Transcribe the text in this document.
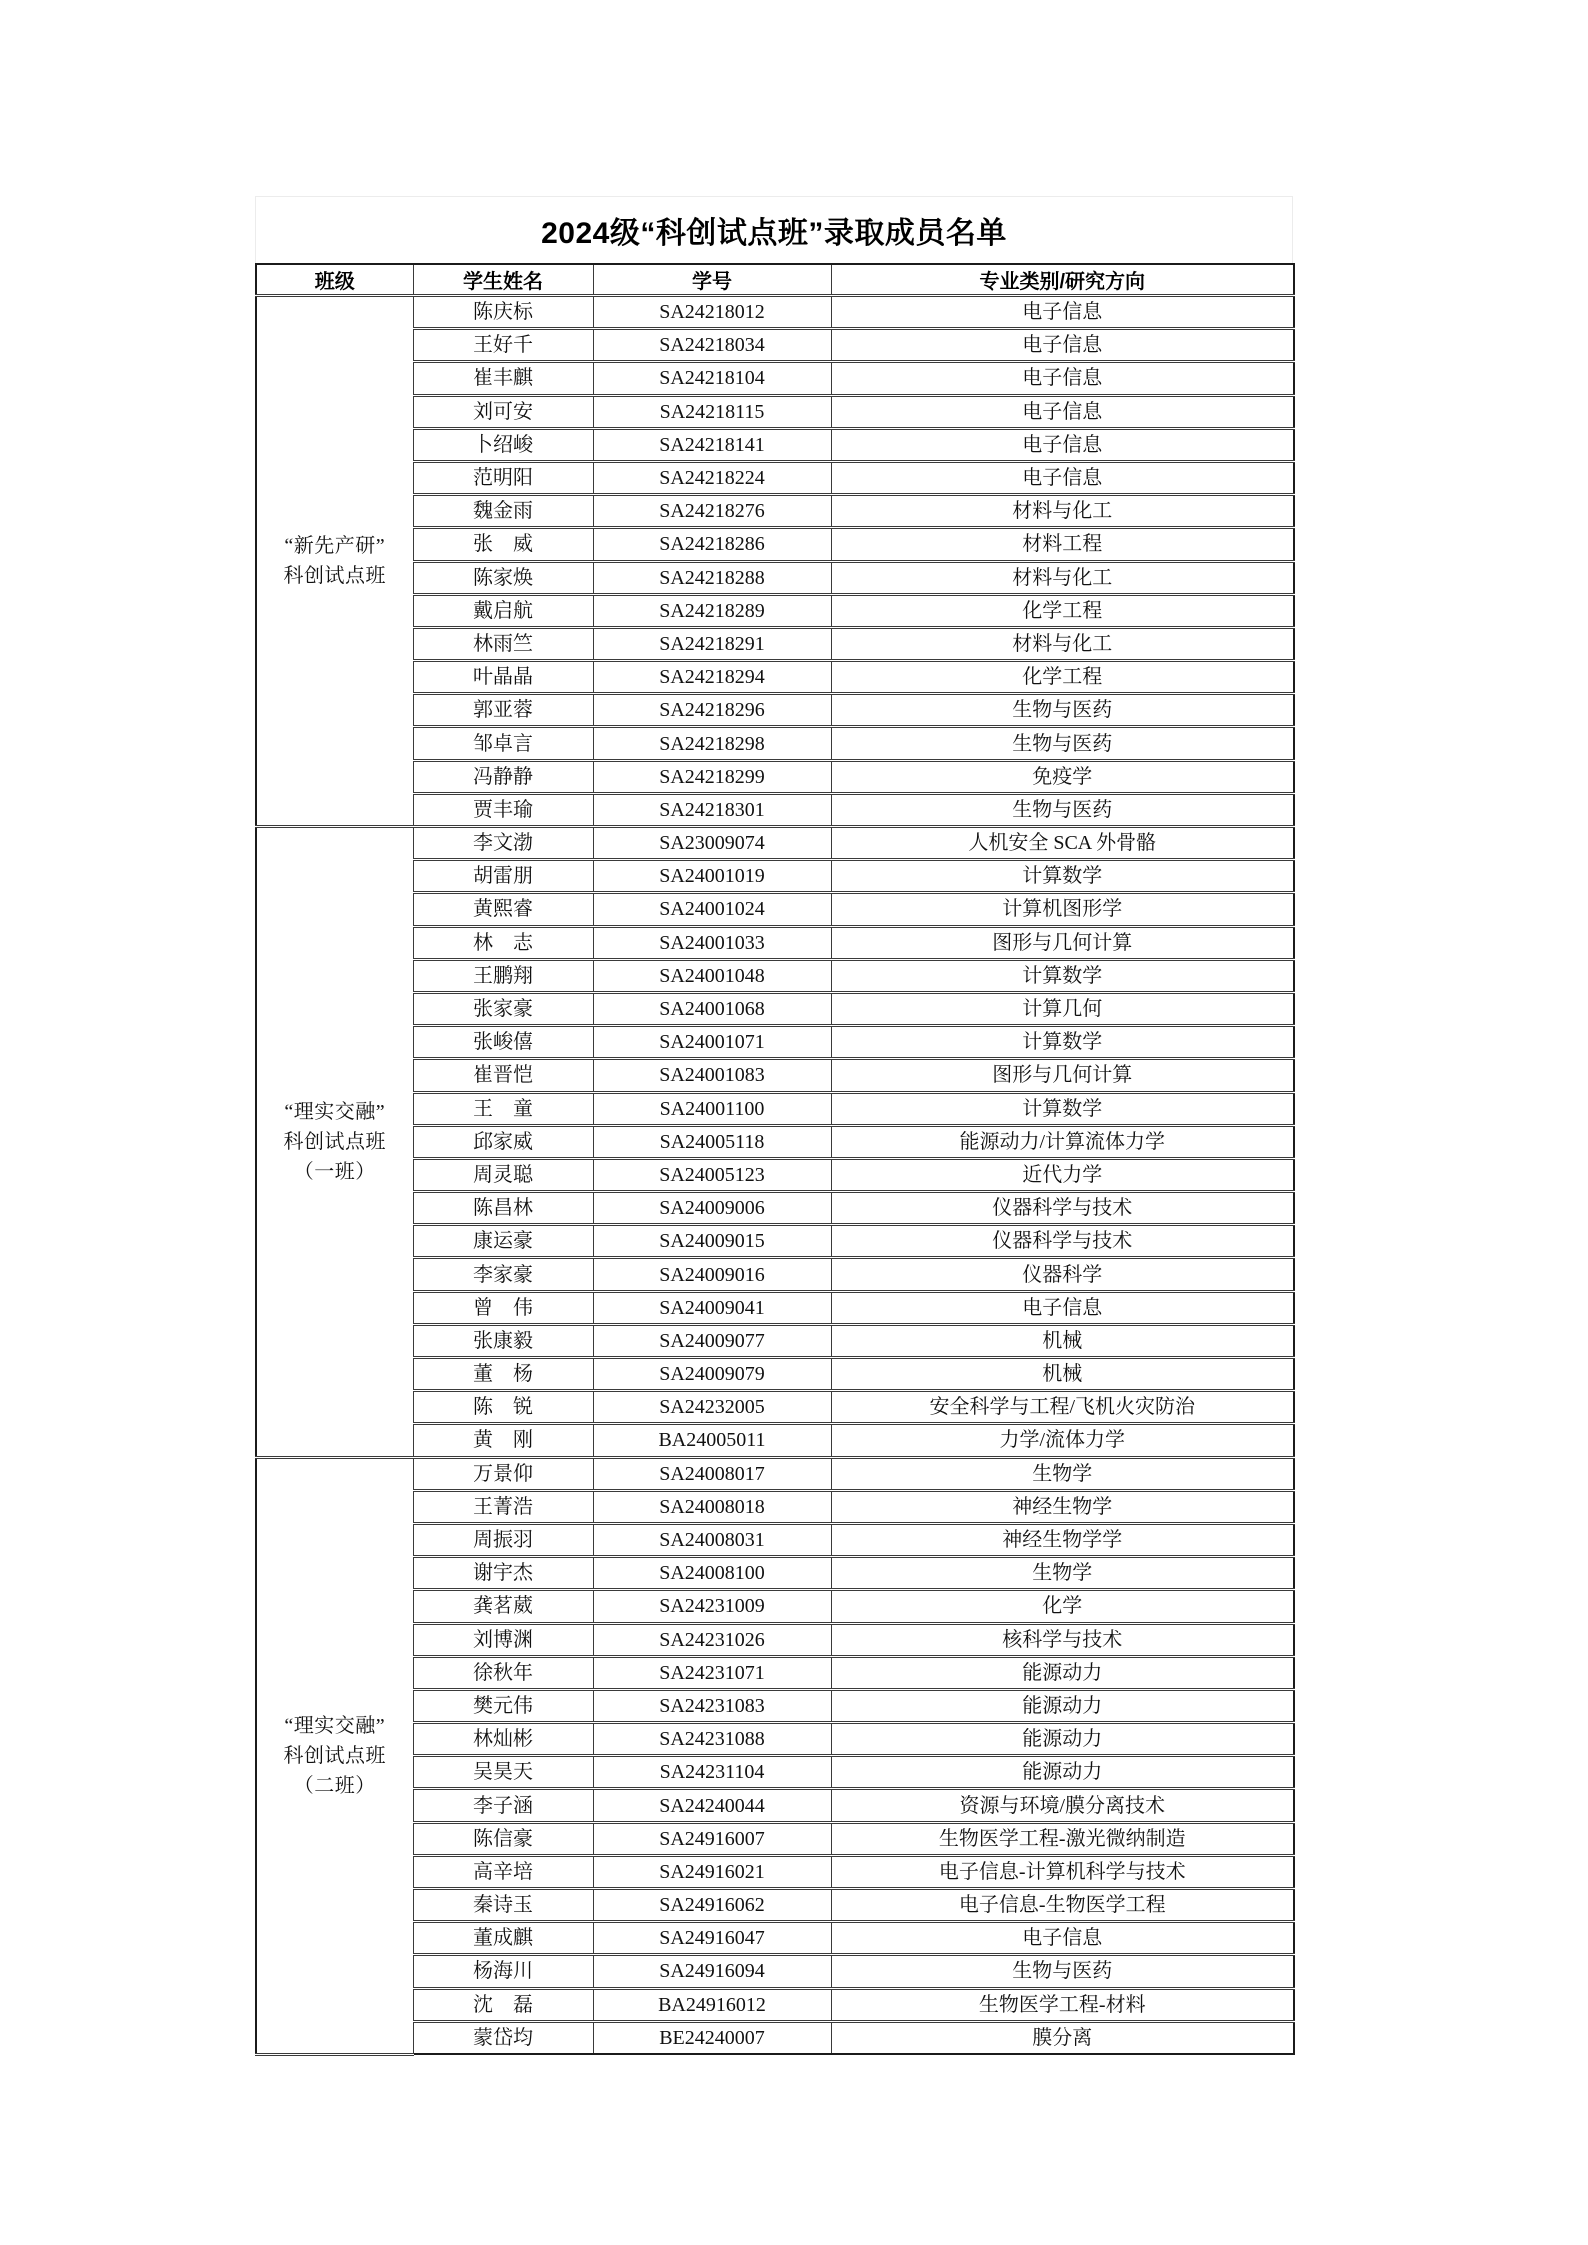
2024级“科创试点班”录取成员名单
班级	学生姓名	学号	专业类别/研究方向

“新先产研”
科创试点班	陈庆标	SA24218012	电子信息
	王好千	SA24218034	电子信息
	崔丰麒	SA24218104	电子信息
	刘可安	SA24218115	电子信息
	卜绍峻	SA24218141	电子信息
	范明阳	SA24218224	电子信息
	魏金雨	SA24218276	材料与化工
	张　威	SA24218286	材料工程
	陈家焕	SA24218288	材料与化工
	戴启航	SA24218289	化学工程
	林雨竺	SA24218291	材料与化工
	叶晶晶	SA24218294	化学工程
	郭亚蓉	SA24218296	生物与医药
	邹卓言	SA24218298	生物与医药
	冯静静	SA24218299	免疫学
	贾丰瑜	SA24218301	生物与医药

“理实交融”
科创试点班
（一班）	李文渤	SA23009074	人机安全 SCA 外骨骼
	胡雷朋	SA24001019	计算数学
	黄熙睿	SA24001024	计算机图形学
	林　志	SA24001033	图形与几何计算
	王鹏翔	SA24001048	计算数学
	张家豪	SA24001068	计算几何
	张峻僖	SA24001071	计算数学
	崔晋恺	SA24001083	图形与几何计算
	王　童	SA24001100	计算数学
	邱家威	SA24005118	能源动力/计算流体力学
	周灵聪	SA24005123	近代力学
	陈昌林	SA24009006	仪器科学与技术
	康运豪	SA24009015	仪器科学与技术
	李家豪	SA24009016	仪器科学
	曾　伟	SA24009041	电子信息
	张康毅	SA24009077	机械
	董　杨	SA24009079	机械
	陈　锐	SA24232005	安全科学与工程/飞机火灾防治
	黄　刚	BA24005011	力学/流体力学

“理实交融”
科创试点班
（二班）	万景仰	SA24008017	生物学
	王菁浩	SA24008018	神经生物学
	周振羽	SA24008031	神经生物学学
	谢宇杰	SA24008100	生物学
	龚茗葳	SA24231009	化学
	刘博渊	SA24231026	核科学与技术
	徐秋年	SA24231071	能源动力
	樊元伟	SA24231083	能源动力
	林灿彬	SA24231088	能源动力
	吴昊天	SA24231104	能源动力
	李子涵	SA24240044	资源与环境/膜分离技术
	陈信豪	SA24916007	生物医学工程-激光微纳制造
	高辛培	SA24916021	电子信息-计算机科学与技术
	秦诗玉	SA24916062	电子信息-生物医学工程
	董成麒	SA24916047	电子信息
	杨海川	SA24916094	生物与医药
	沈　磊	BA24916012	生物医学工程-材料
	蒙岱均	BE24240007	膜分离
